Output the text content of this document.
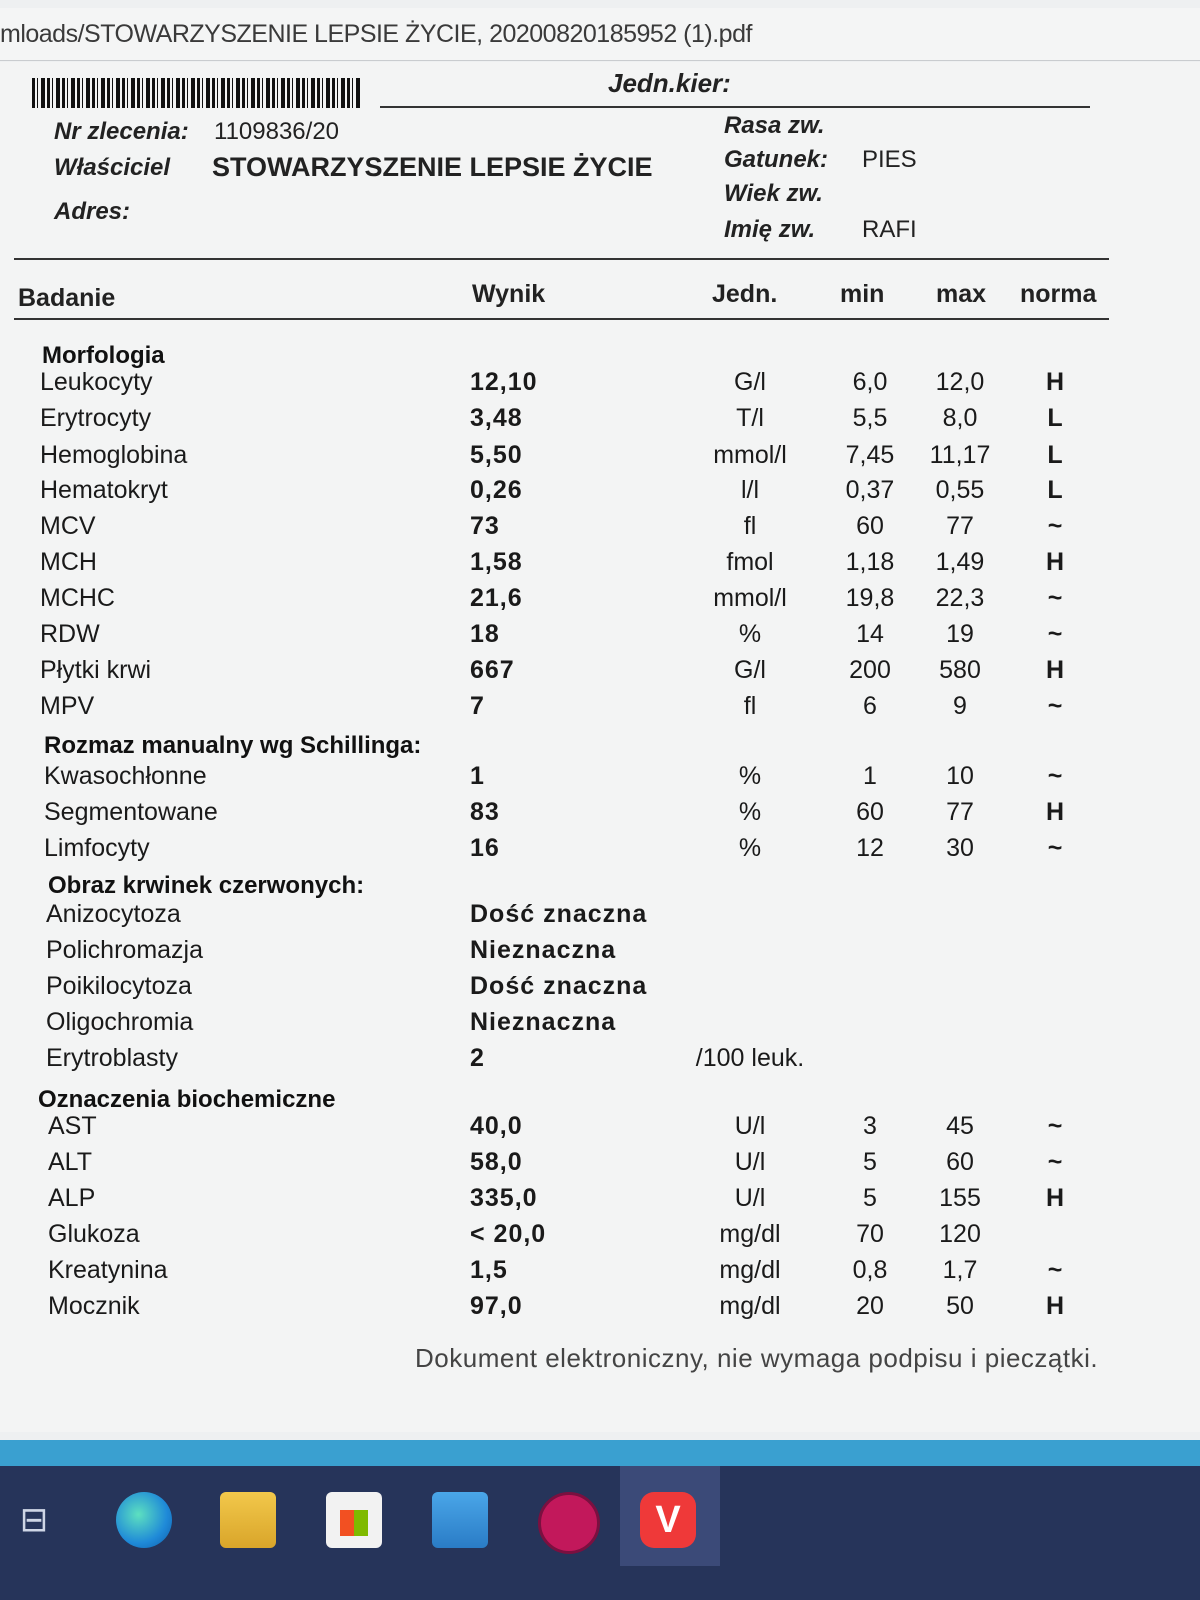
mloads/STOWARZYSZENIE LEPSIE ŻYCIE, 20200820185952 (1).pdf
Jedn.kier:
Nr zlecenia: 1109836/20
Właściciel STOWARZYSZENIE LEPSIE ŻYCIE
Adres:
Rasa zw.
Gatunek: PIES
Wiek zw.
Imię zw. RAFI
Badanie	Wynik	Jedn.	min max norma
Morfologia
Rozmaz manualny wg Schillinga:
Obraz krwinek czerwonych:
Oznaczenia biochemiczne
Leukocyty	12,10	G/l	6,0	12,0	H
Erytrocyty	3,48	T/l	5,5	8,0	L
Hemoglobina	5,50	mmol/l	7,45	11,17	L
Hematokryt	0,26	l/l	0,37	0,55	L
MCV	73	fl	60	77	~
MCH	1,58	fmol	1,18	1,49	H
MCHC	21,6	mmol/l	19,8	22,3	~
RDW	18	%	14	19	~
Płytki krwi	667	G/l	200	580	H
MPV	7	fl	6	9	~
Kwasochłonne	1	%	1	10	~
Segmentowane	83	%	60	77	H
Limfocyty	16	%	12	30	~
Anizocytoza	Dość znaczna
Polichromazja	Nieznaczna
Poikilocytoza	Dość znaczna
Oligochromia	Nieznaczna
Erytroblasty	2	/100 leuk.
AST	40,0	U/l	3	45	~
ALT	58,0	U/l	5	60	~
ALP	335,0	U/l	5	155	H
Glukoza	< 20,0	mg/dl	70	120
Kreatynina	1,5	mg/dl	0,8	1,7	~
Mocznik	97,0	mg/dl	20	50	H
Dokument elektroniczny, nie wymaga podpisu i pieczątki.
⊟	V
